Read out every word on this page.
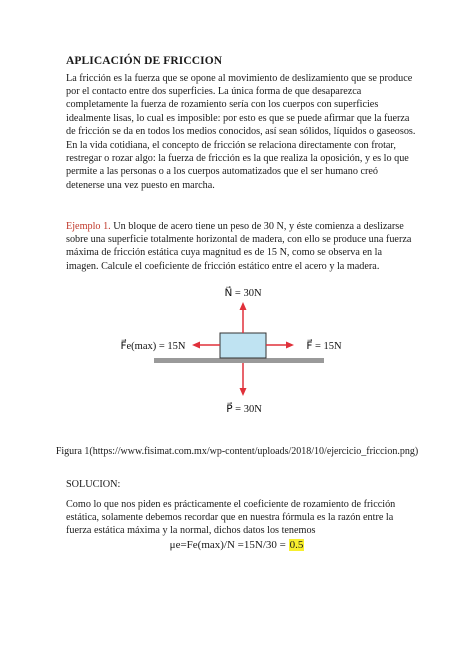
APLICACIÓN DE FRICCION

La fricción es la fuerza que se opone al movimiento de deslizamiento que se produce por el contacto entre dos superficies. La única forma de que desaparezca completamente la fuerza de rozamiento sería con los cuerpos con superficies idealmente lisas, lo cual es imposible: por esto es que se puede afirmar que la fuerza de fricción se da en todos los medios conocidos, así sean sólidos, líquidos o gaseosos.

En la vida cotidiana, el concepto de fricción se relaciona directamente con frotar, restregar o rozar algo: la fuerza de fricción es la que realiza la oposición, y es lo que permite a las personas o a los cuerpos automatizados que el ser humano creó detenerse una vez puesto en marcha.

Ejemplo 1. Un bloque de acero tiene un peso de 30 N, y éste comienza a deslizarse sobre una superficie totalmente horizontal de madera, con ello se produce una fuerza máxima de fricción estática cuya magnitud es de 15 N, como se observa en la imagen. Calcule el coeficiente de fricción estático entre el acero y la madera.

N⃗ = 30N
F⃗e(max) = 15N	F⃗ = 15N
P⃗ = 30N
Figura 1(https://www.fisimat.com.mx/wp-content/uploads/2018/10/ejercicio_friccion.png)
SOLUCION:

Como lo que nos piden es prácticamente el coeficiente de rozamiento de fricción estática, solamente debemos recordar que en nuestra fórmula es la razón entre la fuerza estática máxima y la normal, dichos datos los tenemos

μe=Fe(max)/N =15N/30 = 0.5
